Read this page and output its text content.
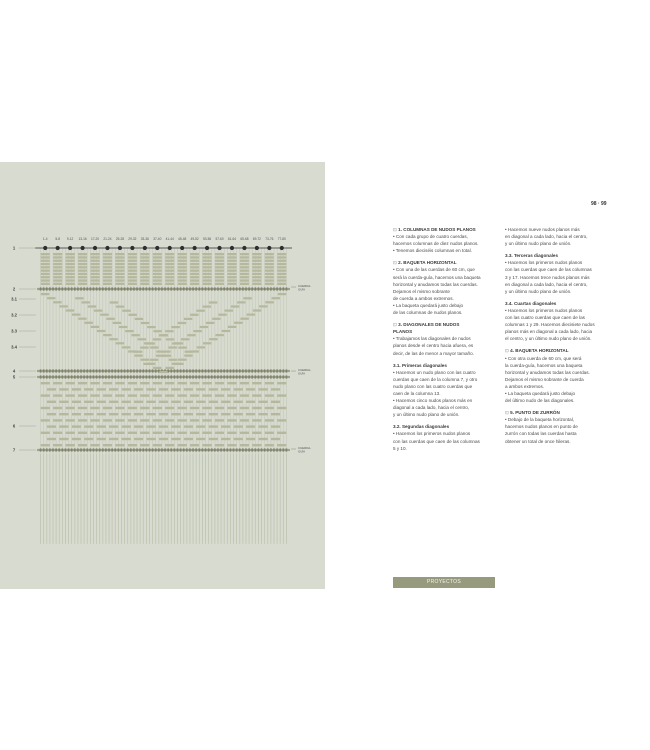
1-4 5-8 9-12 13-16 17-20 21-24 25-28 29-32 33-36 37-40 41-44 45-48 49-52 53-56 57-60 61-64 65-68 69-72 73-76 77-80
1
2
3.1
3.2
3.3
3.4
4
5
6
7
CUERDA-
GUÍA
CUERDA-
GUÍA
CUERDA-
GUÍA
98 · 99
⊡ 1. COLUMNAS DE NUDOS PLANOS
• Con cada grupo de cuatro cuerdas,
hacemos columnas de diez nudos planos.
• Tenemos dieciséis columnas en total.
⊡ 2. BAQUETA HORIZONTAL
• Con una de las cuerdas de 60 cm, que
será la cuerda-guía, hacemos una baqueta
horizontal y anudamos todas las cuerdas.
Dejamos el mismo sobrante
de cuerda a ambos extremos.
• La baqueta quedará justo debajo
de las columnas de nudos planos.
⊡ 3. DIAGONALES DE NUDOS
PLANOS
• Trabajamos las diagonales de nudos
planos desde el centro hacia afuera, es
decir, de las de menor a mayor tamaño.
3.1. Primeras diagonales
• Hacemos un nudo plano con las cuatro
cuerdas que caen de la columna 7, y otro
nudo plano con las cuatro cuerdas que
caen de la columna 13.
• Hacemos cinco nudos planos más en
diagonal a cada lado, hacia el centro,
y un último nudo plano de unión.
3.2. Segundas diagonales
• Hacemos los primeros nudos planos
con las cuerdas que caen de las columnas
5 y 10.
• Hacemos nueve nudos planos más
en diagonal a cada lado, hacia el centro,
y un último nudo plano de unión.
3.3. Terceras diagonales
• Hacemos los primeros nudos planos
con las cuerdas que caen de las columnas
3 y 17. Hacemos trece nudos planos más
en diagonal a cada lado, hacia el centro,
y un último nudo plano de unión.
3.4. Cuartas diagonales
• Hacemos los primeros nudos planos
con las cuatro cuerdas que caen de las
columnas 1 y 29. Hacemos diecisiete nudos
planos más en diagonal a cada lado, hacia
el centro, y un último nudo plano de unión.
⊡ 4. BAQUETA HORIZONTAL
• Con otra cuerda de 60 cm, que será
la cuerda-guía, hacemos una baqueta
horizontal y anudamos todas las cuerdas.
Dejamos el mismo sobrante de cuerda
a ambos extremos.
• La baqueta quedará justo debajo
del último nudo de las diagonales.
⊡ 5. PUNTO DE ZURRÓN
• Debajo de la baqueta horizontal,
hacemos nudos planos en punto de
zurrón con todas las cuerdas hasta
obtener un total de once hileras.
PROYECTOS
